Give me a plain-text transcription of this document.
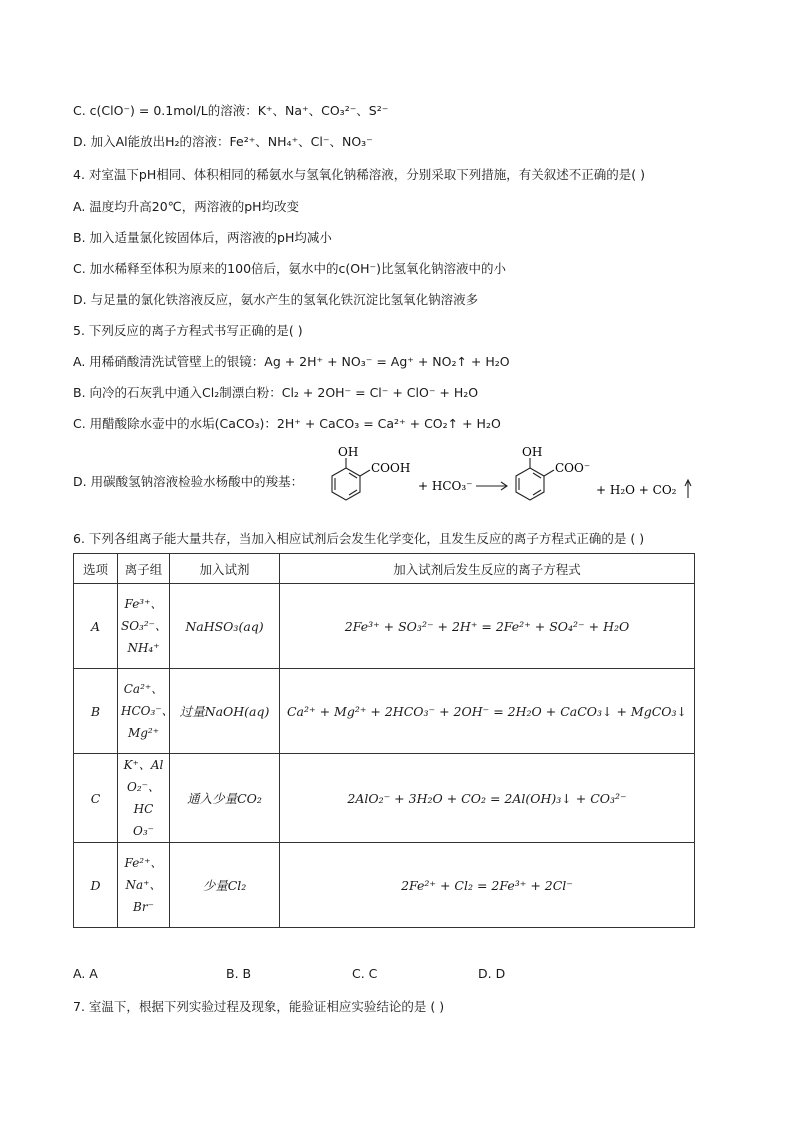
C. c(ClO⁻) = 0.1mol/L的溶液：K⁺、Na⁺、CO₃²⁻、S²⁻
D. 加入Al能放出H₂的溶液：Fe²⁺、NH₄⁺、Cl⁻、NO₃⁻
4. 对室温下pH相同、体积相同的稀氨水与氢氧化钠稀溶液，分别采取下列措施，有关叙述不正确的是( )
A. 温度均升高20℃，两溶液的pH均改变
B. 加入适量氯化铵固体后，两溶液的pH均减小
C. 加水稀释至体积为原来的100倍后，氨水中的c(OH⁻)比氢氧化钠溶液中的小
D. 与足量的氯化铁溶液反应，氨水产生的氢氧化铁沉淀比氢氧化钠溶液多
5. 下列反应的离子方程式书写正确的是( )
A. 用稀硝酸清洗试管壁上的银镜：Ag + 2H⁺ + NO₃⁻ = Ag⁺ + NO₂↑ + H₂O
B. 向冷的石灰乳中通入Cl₂制漂白粉：Cl₂ + 2OH⁻ = Cl⁻ + ClO⁻ + H₂O
C. 用醋酸除水壶中的水垢(CaCO₃)：2H⁺ + CaCO₃ = Ca²⁺ + CO₂↑ + H₂O
D. 用碳酸氢钠溶液检验水杨酸中的羧基：
OH
COOH
+ HCO₃⁻
OH
COO⁻
+ H₂O + CO₂
6. 下列各组离子能大量共存，当加入相应试剂后会发生化学变化，且发生反应的离子方程式正确的是 ( )
选项	离子组	加入试剂	加入试剂后发生反应的离子方程式
A	Fe³⁺、
SO₃²⁻、
NH₄⁺	NaHSO₃(aq)	2Fe³⁺ + SO₃²⁻ + 2H⁺ = 2Fe²⁺ + SO₄²⁻ + H₂O
B	Ca²⁺、
HCO₃⁻、
Mg²⁺	过量NaOH(aq)	Ca²⁺ + Mg²⁺ + 2HCO₃⁻ + 2OH⁻ = 2H₂O + CaCO₃↓ + MgCO₃↓
C	K⁺、Al
O₂⁻、HC
O₃⁻	通入少量CO₂	2AlO₂⁻ + 3H₂O + CO₂ = 2Al(OH)₃↓ + CO₃²⁻
D	Fe²⁺、
Na⁺、
Br⁻	少量Cl₂	2Fe²⁺ + Cl₂ = 2Fe³⁺ + 2Cl⁻
A. A	B. B	C. C	D. D
7. 室温下，根据下列实验过程及现象，能验证相应实验结论的是 ( )
